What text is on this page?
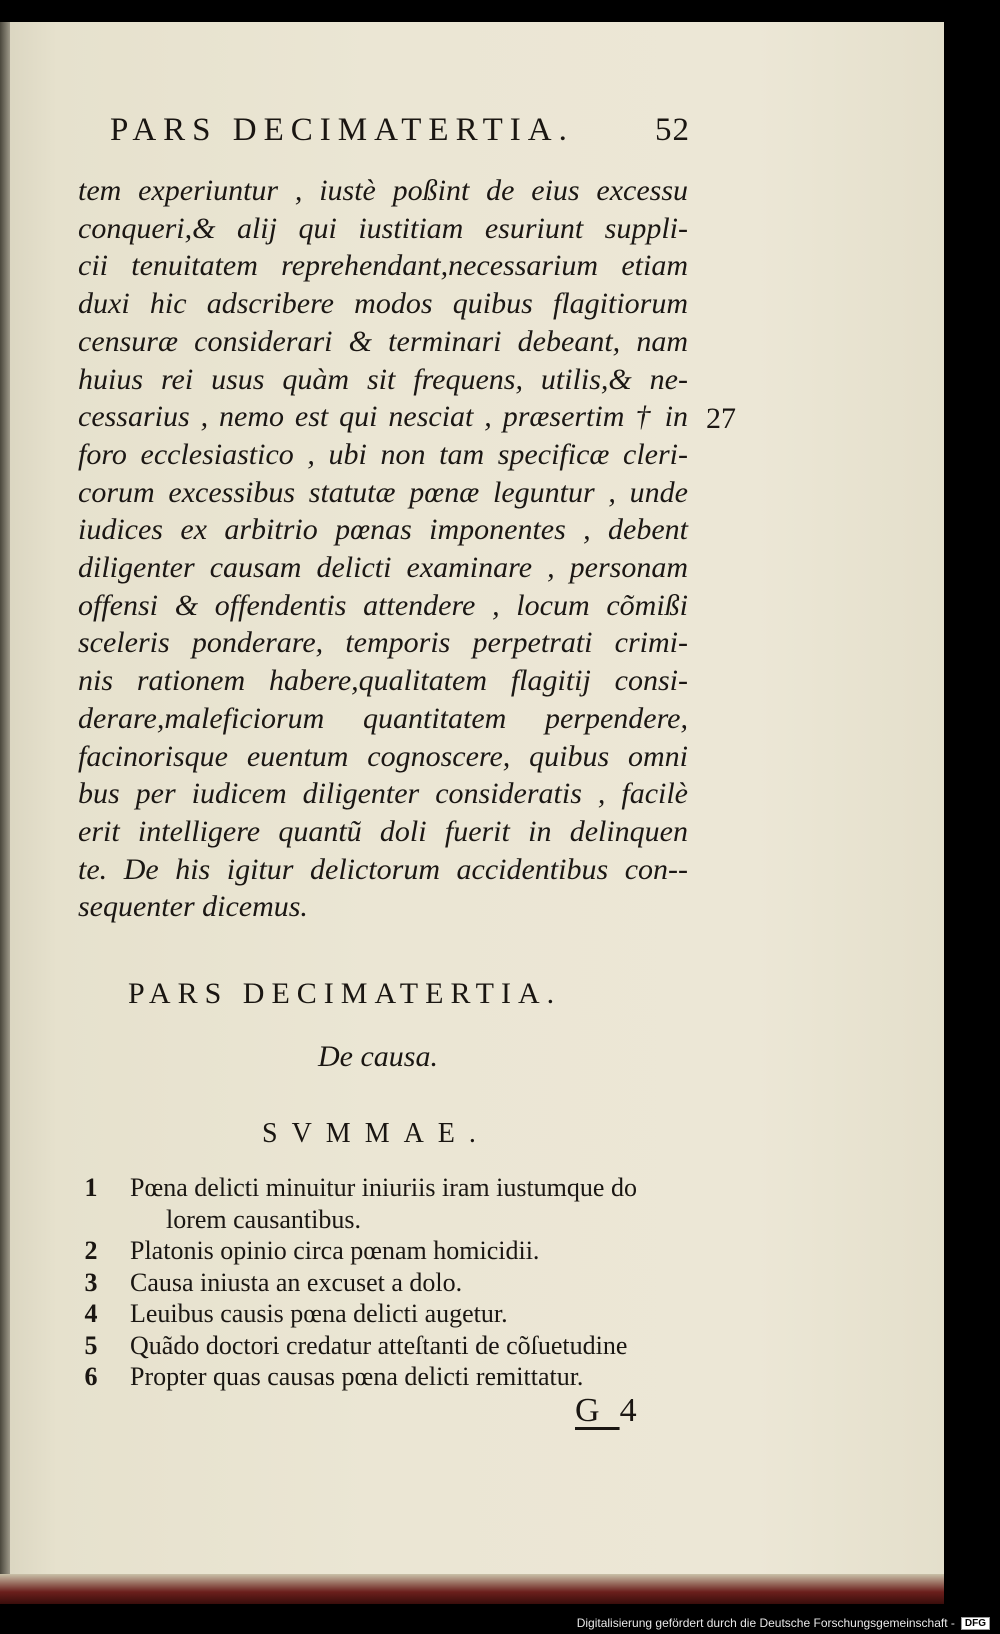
PARS DECIMATERTIA. 52
tem experiuntur , iustè poßint de eius excessu
conqueri,& alij qui iustitiam esuriunt suppli-
cii tenuitatem reprehendant,necessarium etiam
duxi hic adscribere modos quibus flagitiorum
censuræ considerari & terminari debeant, nam
huius rei usus quàm sit frequens, utilis,& ne-
cessarius , nemo est qui nesciat , præsertim † in
foro ecclesiastico , ubi non tam specificæ cleri-
corum excessibus statutæ pœnæ leguntur , unde
iudices ex arbitrio pœnas imponentes , debent
diligenter causam delicti examinare , personam
offensi & offendentis attendere , locum cõmißi
sceleris ponderare, temporis perpetrati crimi-
nis rationem habere,qualitatem flagitij consi-
derare,maleficiorum quantitatem perpendere,
facinorisque euentum cognoscere, quibus omni
bus per iudicem diligenter consideratis , facilè
erit intelligere quantũ doli fuerit in delinquen
te. De his igitur delictorum accidentibus con--
sequenter dicemus.
27
PARS DECIMATERTIA.
De causa.
SVMMAE.
1	Pœna delicti minuitur iniuriis iram iustumque do
lorem causantibus.
2	Platonis opinio circa pœnam homicidii.
3	Causa iniusta an excuset a dolo.
4	Leuibus causis pœna delicti augetur.
5	Quãdo doctori credatur atteſtanti de cõſuetudine
6	Propter quas causas pœna delicti remittatur.
G4
Digitalisierung gefördert durch die Deutsche Forschungsgemeinschaft -	DFG
